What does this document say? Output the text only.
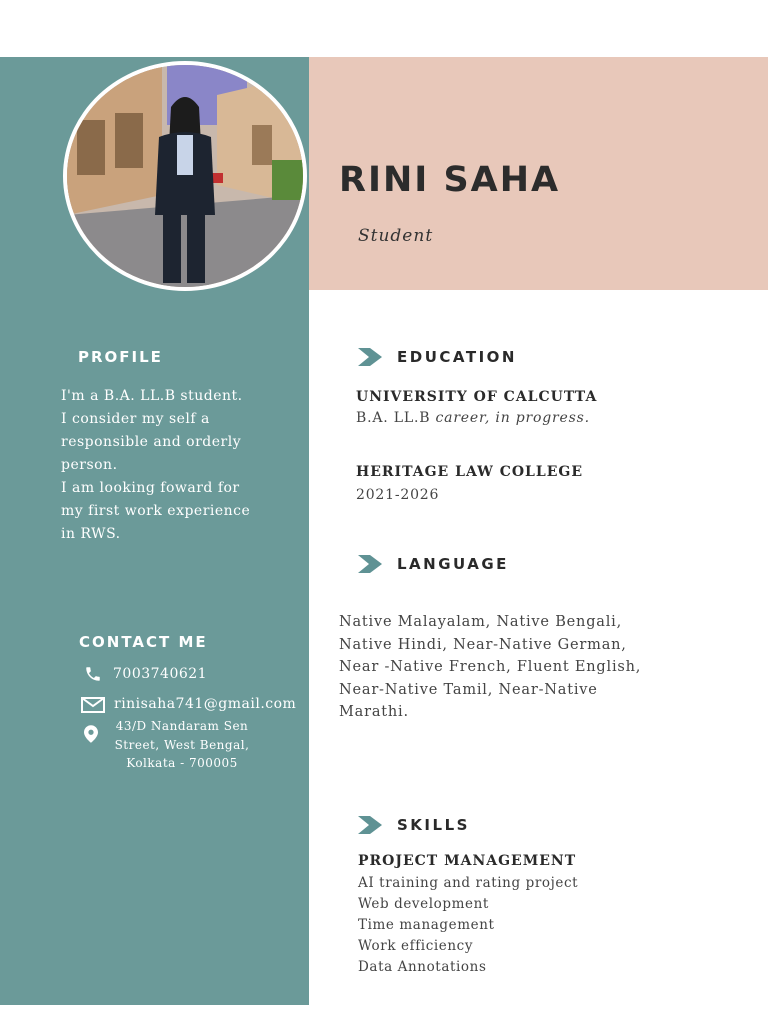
RINI SAHA
Student
PROFILE
I'm a B.A. LL.B student.
I consider my self a
responsible and orderly
person.
I am looking foward for
my first work experience
in RWS.
CONTACT ME
7003740621
rinisaha741@gmail.com
43/D Nandaram Sen
Street, West Bengal,
Kolkata - 700005
EDUCATION
UNIVERSITY OF CALCUTTA
B.A. LL.B career, in progress.
HERITAGE LAW COLLEGE
2021-2026
LANGUAGE
Native Malayalam, Native Bengali,
Native Hindi, Near-Native German,
Near -Native French, Fluent English,
Near-Native Tamil, Near-Native
Marathi.
SKILLS
PROJECT MANAGEMENT
AI training and rating project
Web development
Time management
Work efficiency
Data Annotations
